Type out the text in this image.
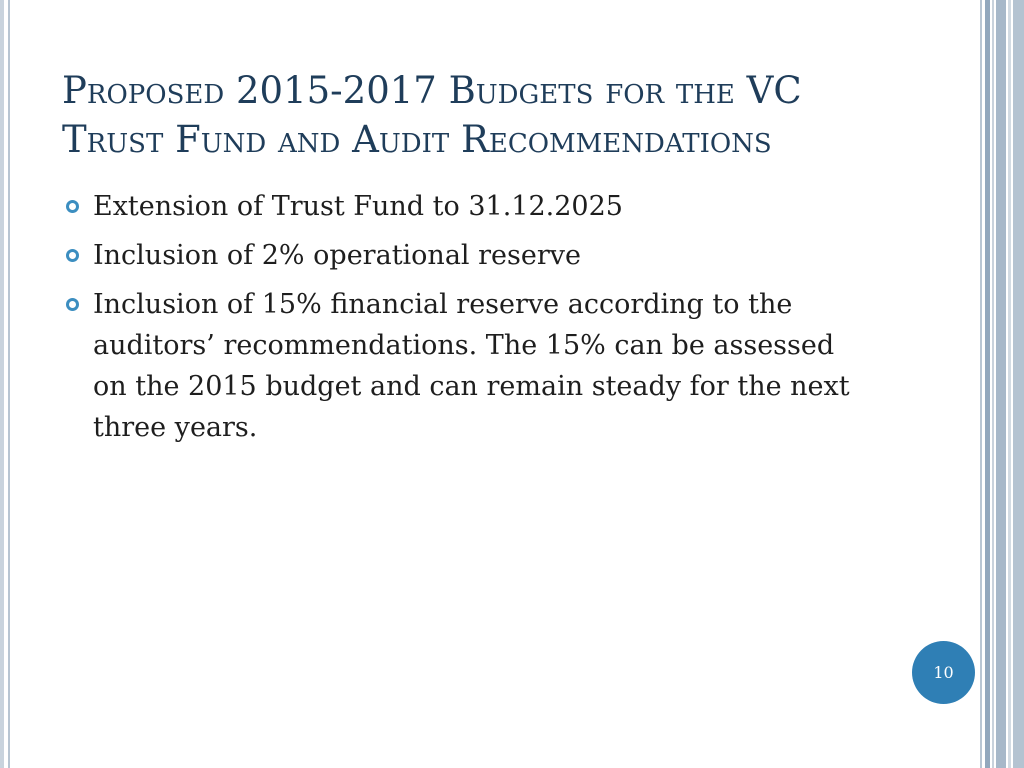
Proposed 2015-2017 Budgets for the VC
Trust Fund and Audit Recommendations
Extension of Trust Fund to 31.12.2025
Inclusion of 2% operational reserve
Inclusion of 15% financial reserve according to the auditors’ recommendations. The 15% can be assessed on the 2015 budget and can remain steady for the next three years.
10
